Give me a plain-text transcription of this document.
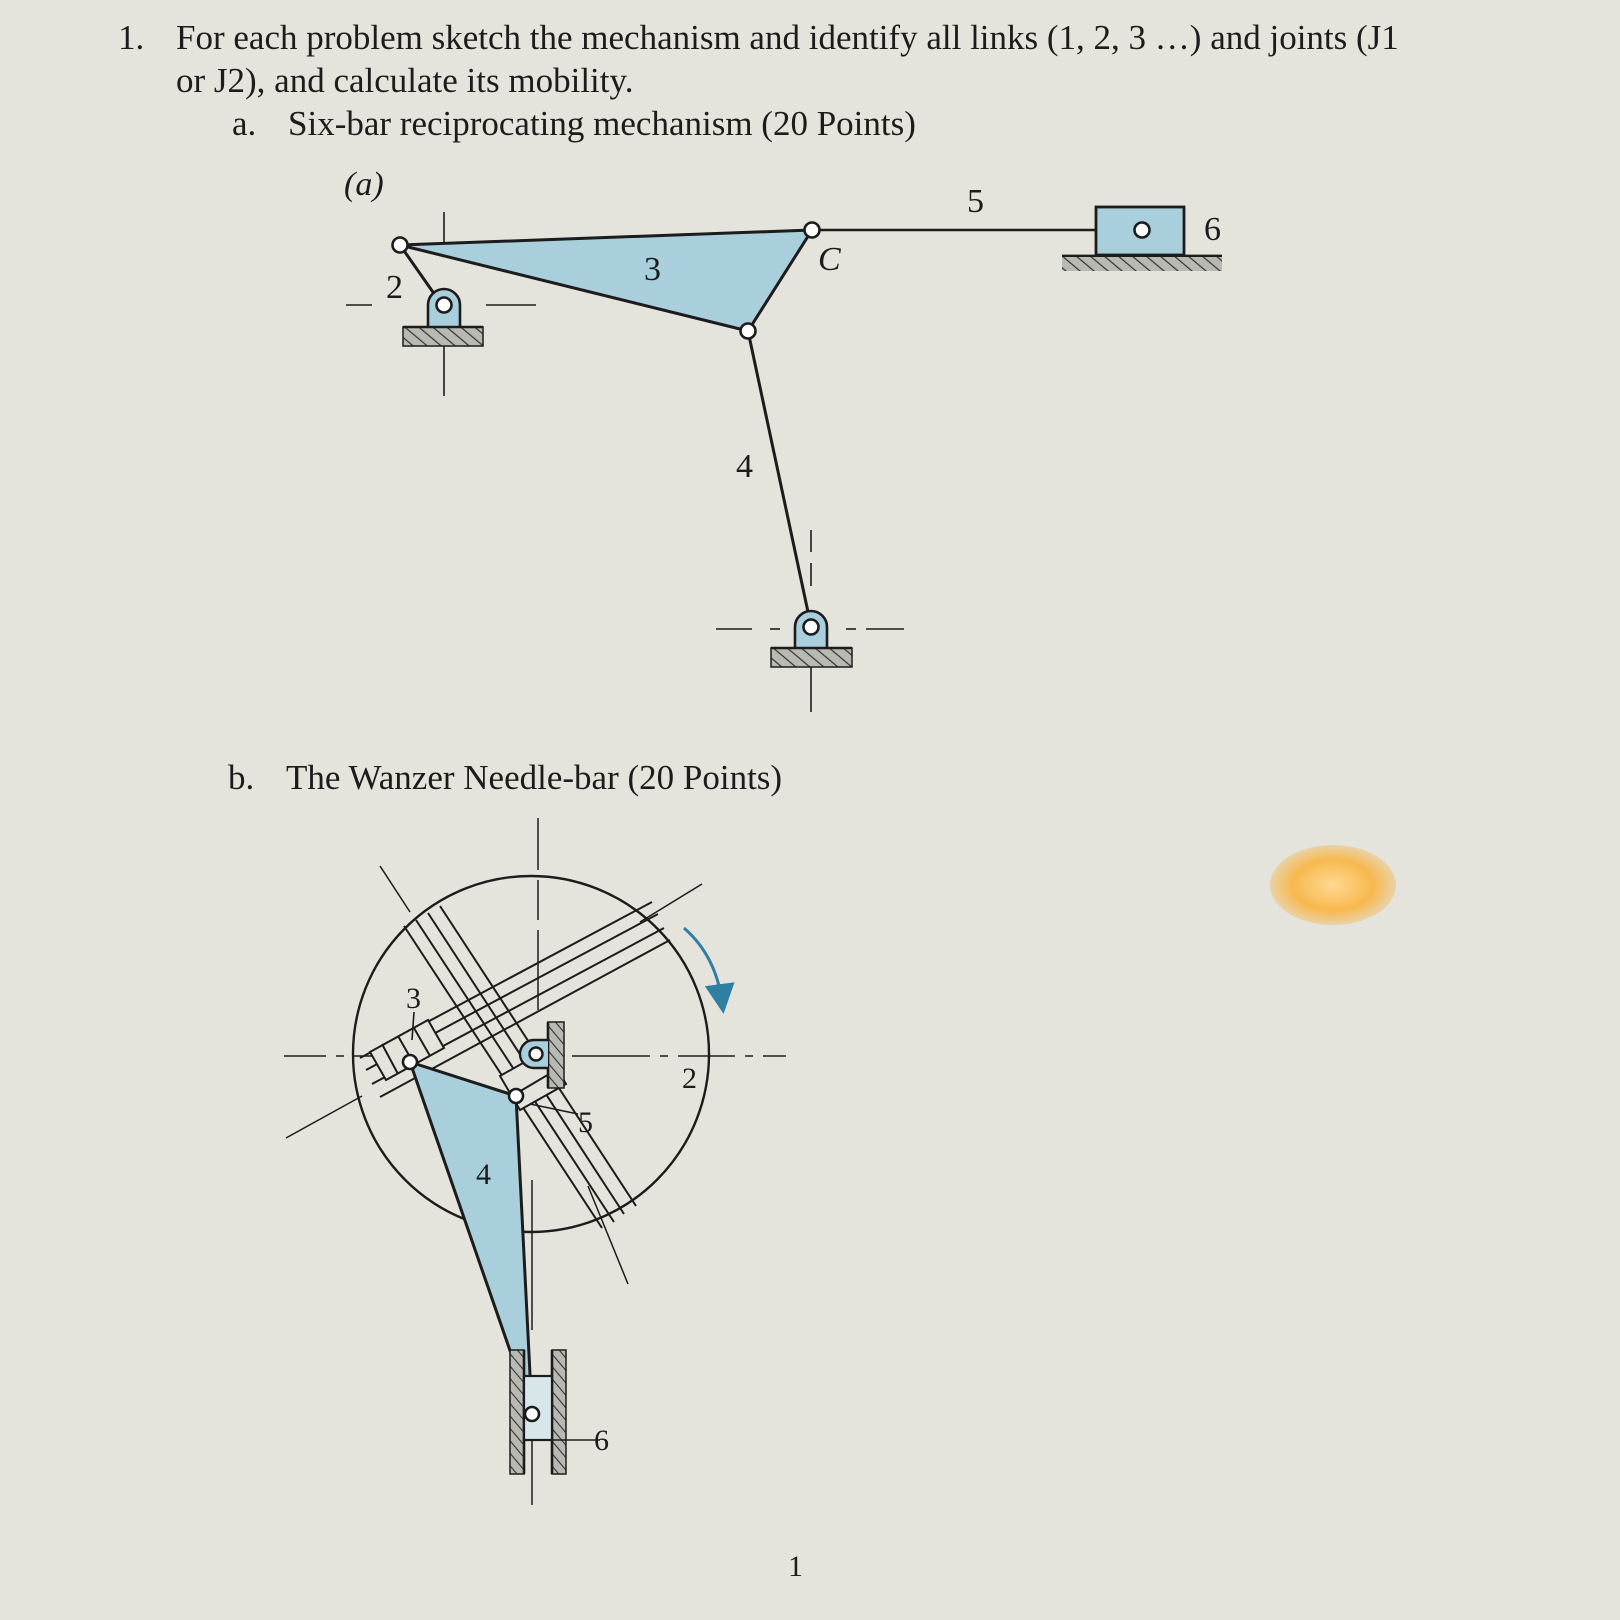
1. For each problem sketch the mechanism and identify all links (1, 2, 3 …) and joints (J1
or J2), and calculate its mobility.
a. Six-bar reciprocating mechanism (20 Points)
b. The Wanzer Needle-bar (20 Points)
1
(a)
2	3
4
5
6
C
2
3
4
5
6
